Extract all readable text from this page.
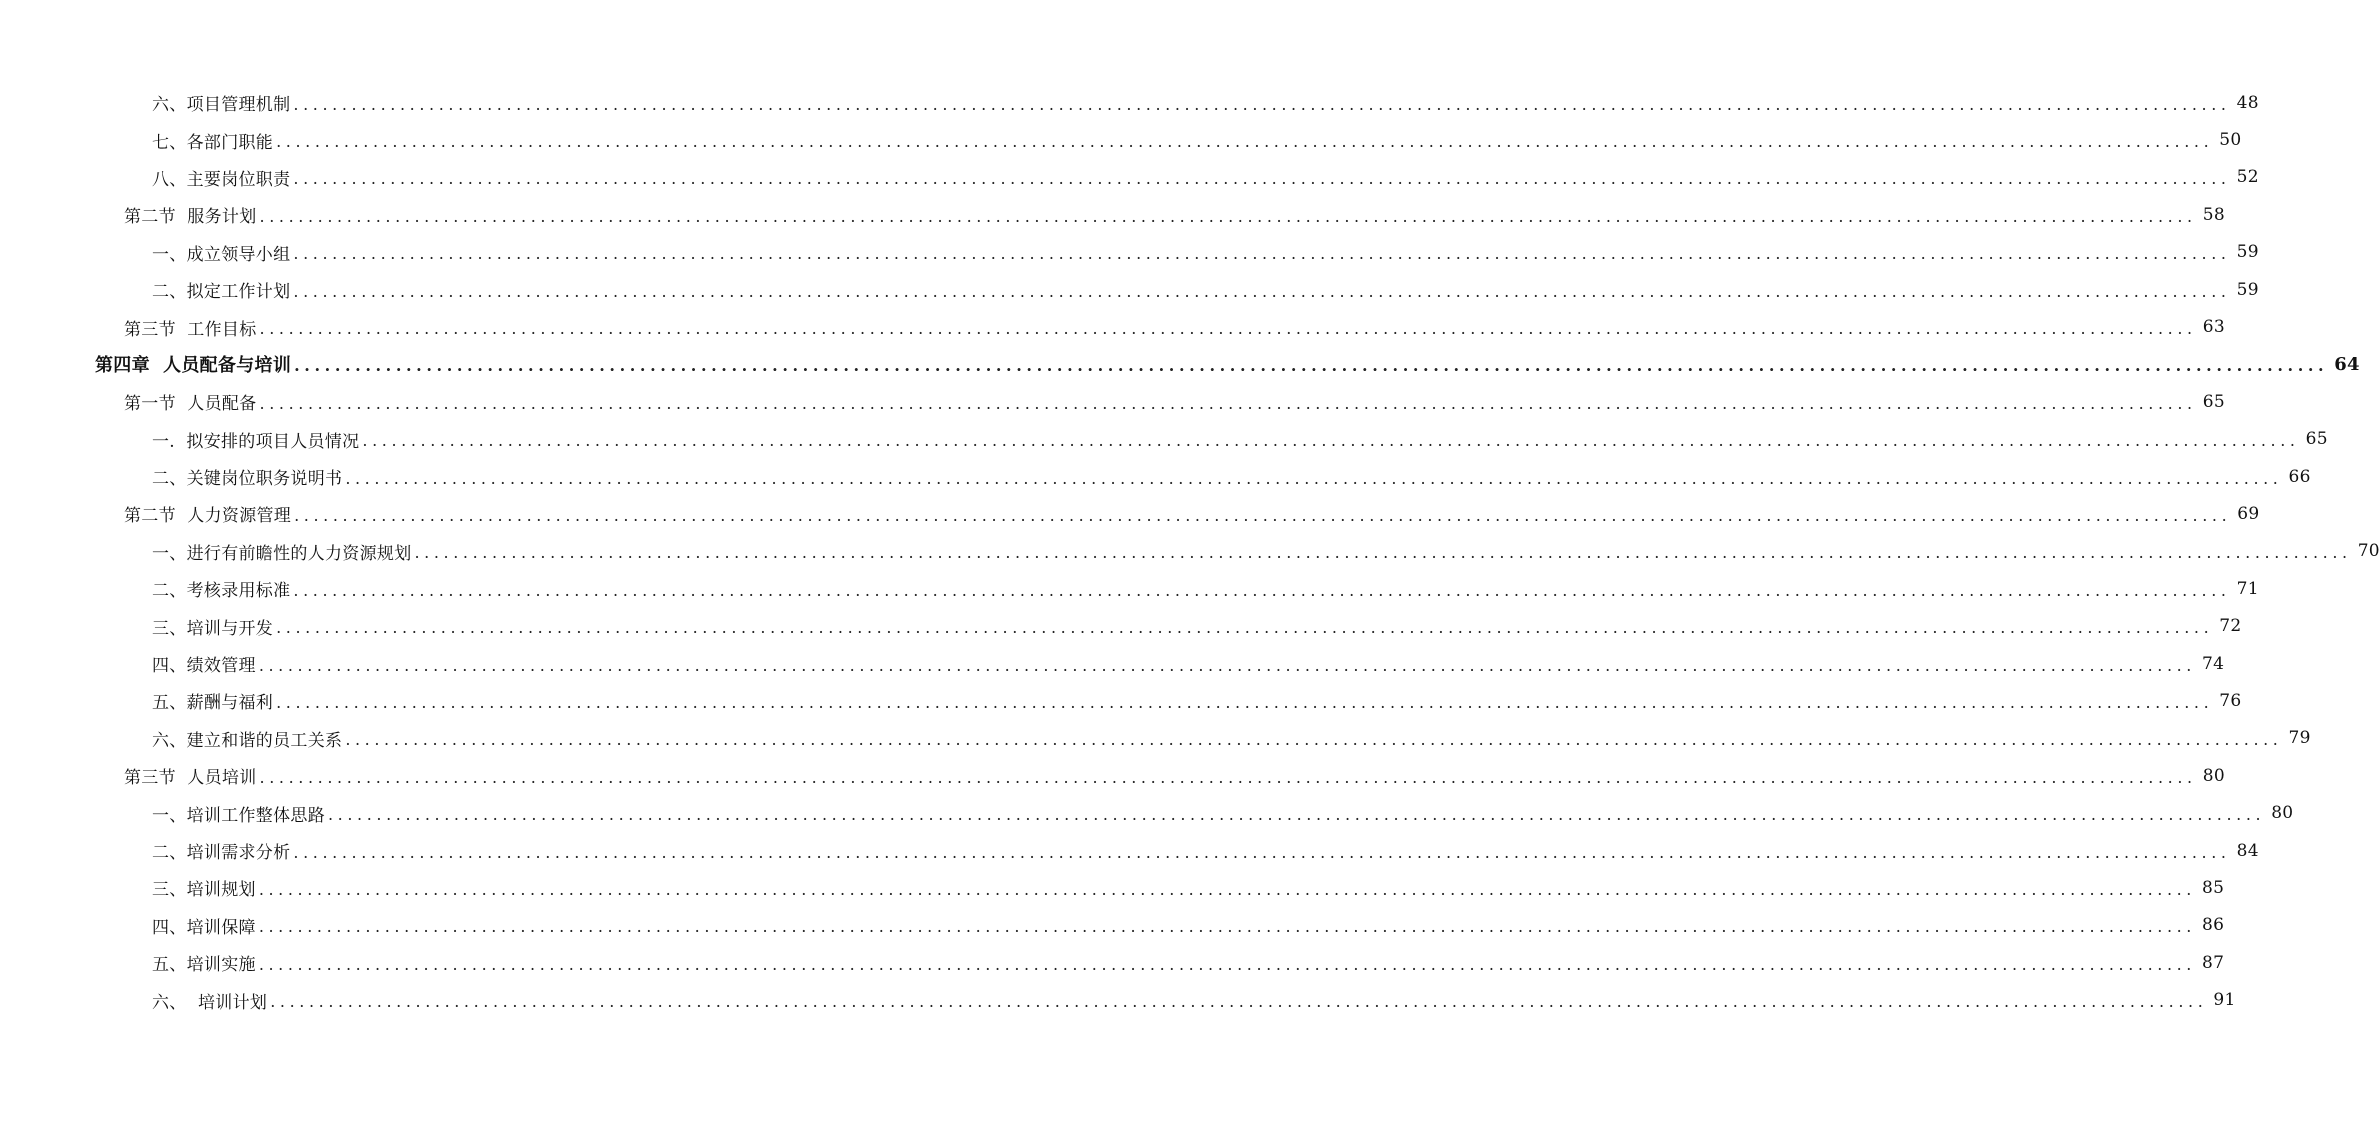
六、项目管理机制 ........................................................................................................................................................................................................ 48
七、各部门职能 ........................................................................................................................................................................................................ 50
八、主要岗位职责 ........................................................................................................................................................................................................ 52
第二节  服务计划 ........................................................................................................................................................................................................ 58
一、成立领导小组 ........................................................................................................................................................................................................ 59
二、拟定工作计划 ........................................................................................................................................................................................................ 59
第三节  工作目标 ........................................................................................................................................................................................................ 63
第四章  人员配备与培训 ........................................................................................................................................................................................................ 64
第一节  人员配备 ........................................................................................................................................................................................................ 65
一.  拟安排的项目人员情况 ........................................................................................................................................................................................................ 65
二、关键岗位职务说明书 ........................................................................................................................................................................................................ 66
第二节  人力资源管理 ........................................................................................................................................................................................................ 69
一、进行有前瞻性的人力资源规划 ........................................................................................................................................................................................................ 70
二、考核录用标准 ........................................................................................................................................................................................................ 71
三、培训与开发 ........................................................................................................................................................................................................ 72
四、绩效管理 ........................................................................................................................................................................................................ 74
五、薪酬与福利 ........................................................................................................................................................................................................ 76
六、建立和谐的员工关系 ........................................................................................................................................................................................................ 79
第三节  人员培训 ........................................................................................................................................................................................................ 80
一、培训工作整体思路 ........................................................................................................................................................................................................ 80
二、培训需求分析 ........................................................................................................................................................................................................ 84
三、培训规划 ........................................................................................................................................................................................................ 85
四、培训保障 ........................................................................................................................................................................................................ 86
五、培训实施 ........................................................................................................................................................................................................ 87
六、  培训计划 ........................................................................................................................................................................................................ 91
